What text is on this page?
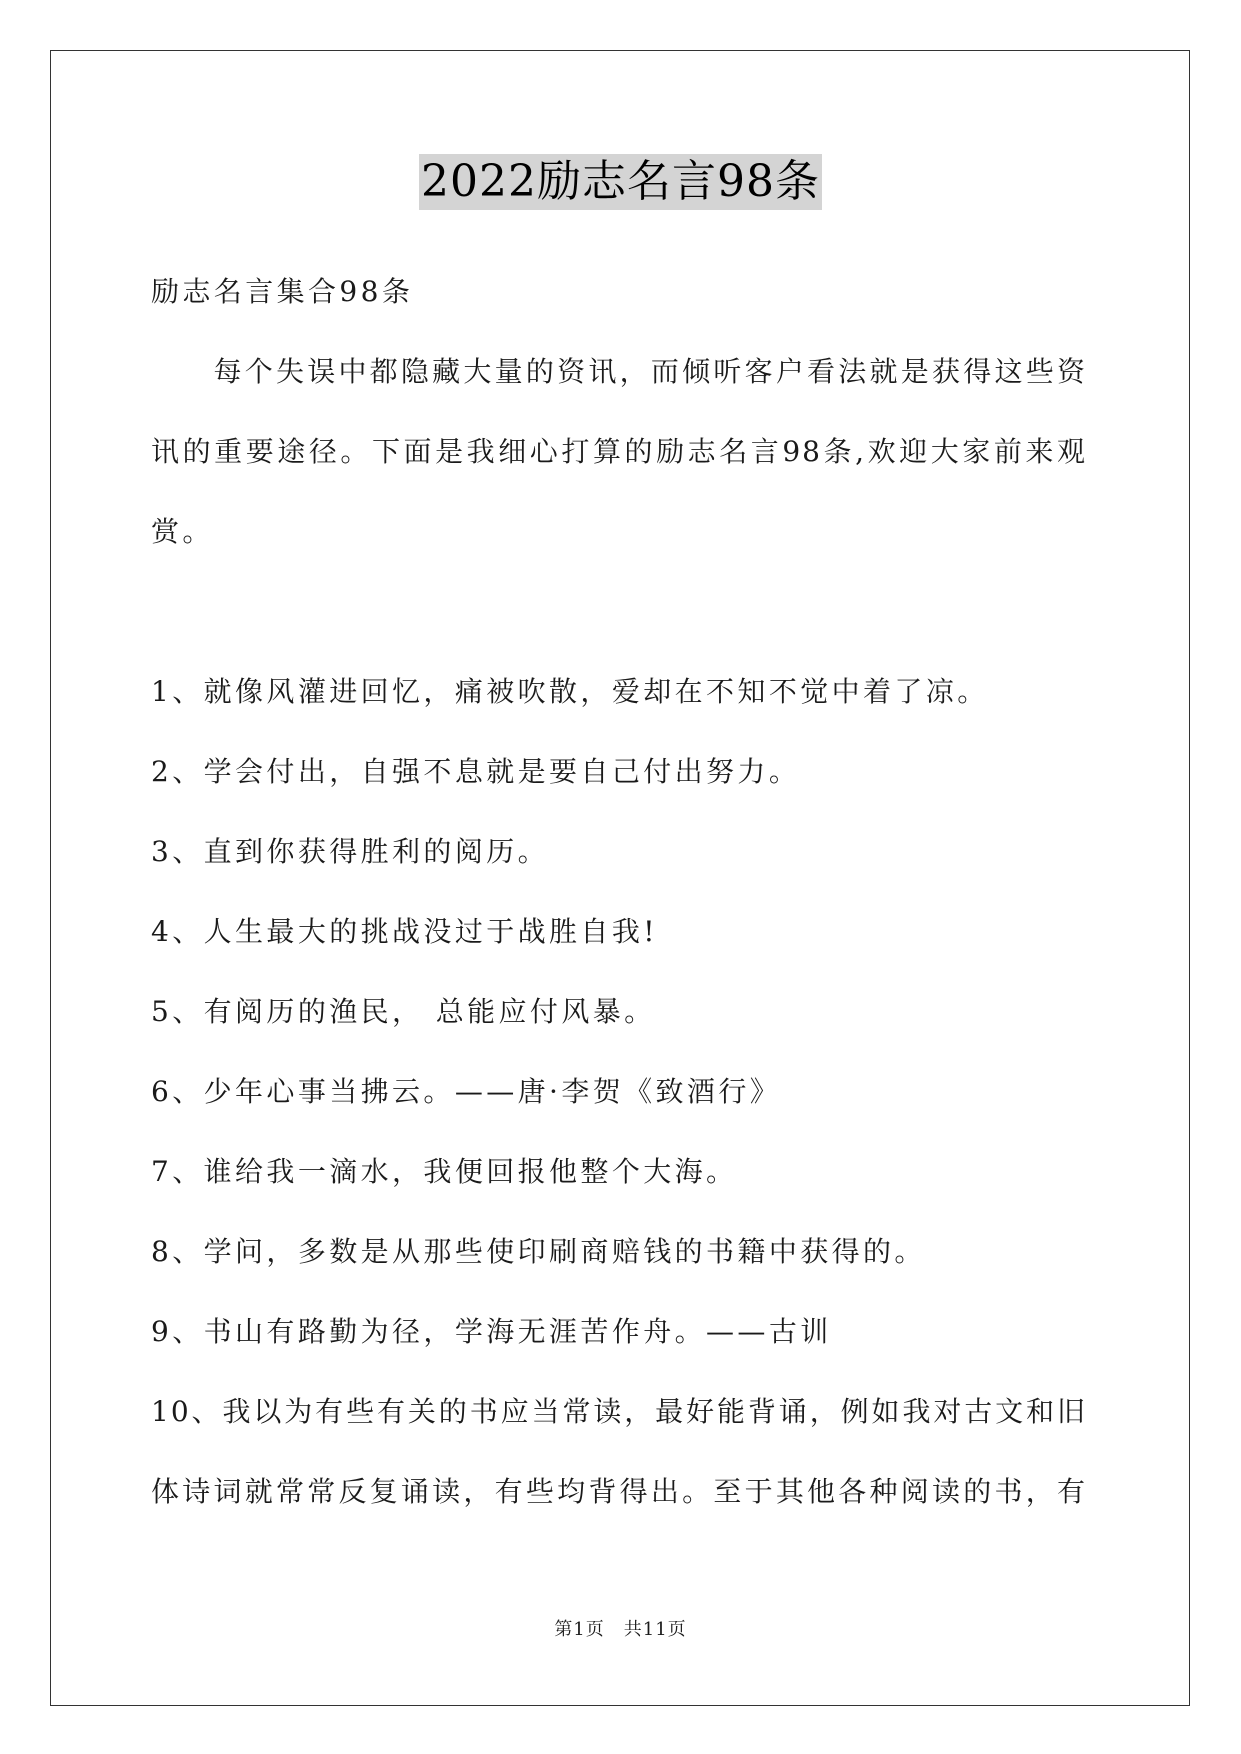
2022励志名言98条
励志名言集合98条
　　每个失误中都隐藏大量的资讯，而倾听客户看法就是获得这些资
讯的重要途径。下面是我细心打算的励志名言98条,欢迎大家前来观
赏。
1、就像风灌进回忆，痛被吹散，爱却在不知不觉中着了凉。
2、学会付出，自强不息就是要自己付出努力。
3、直到你获得胜利的阅历。
4、人生最大的挑战没过于战胜自我!
5、有阅历的渔民， 总能应付风暴。
6、少年心事当拂云。——唐·李贺《致酒行》
7、谁给我一滴水，我便回报他整个大海。
8、学问，多数是从那些使印刷商赔钱的书籍中获得的。
9、书山有路勤为径，学海无涯苦作舟。——古训
10、我以为有些有关的书应当常读，最好能背诵，例如我对古文和旧
体诗词就常常反复诵读，有些均背得出。至于其他各种阅读的书，有
第1页　共11页
